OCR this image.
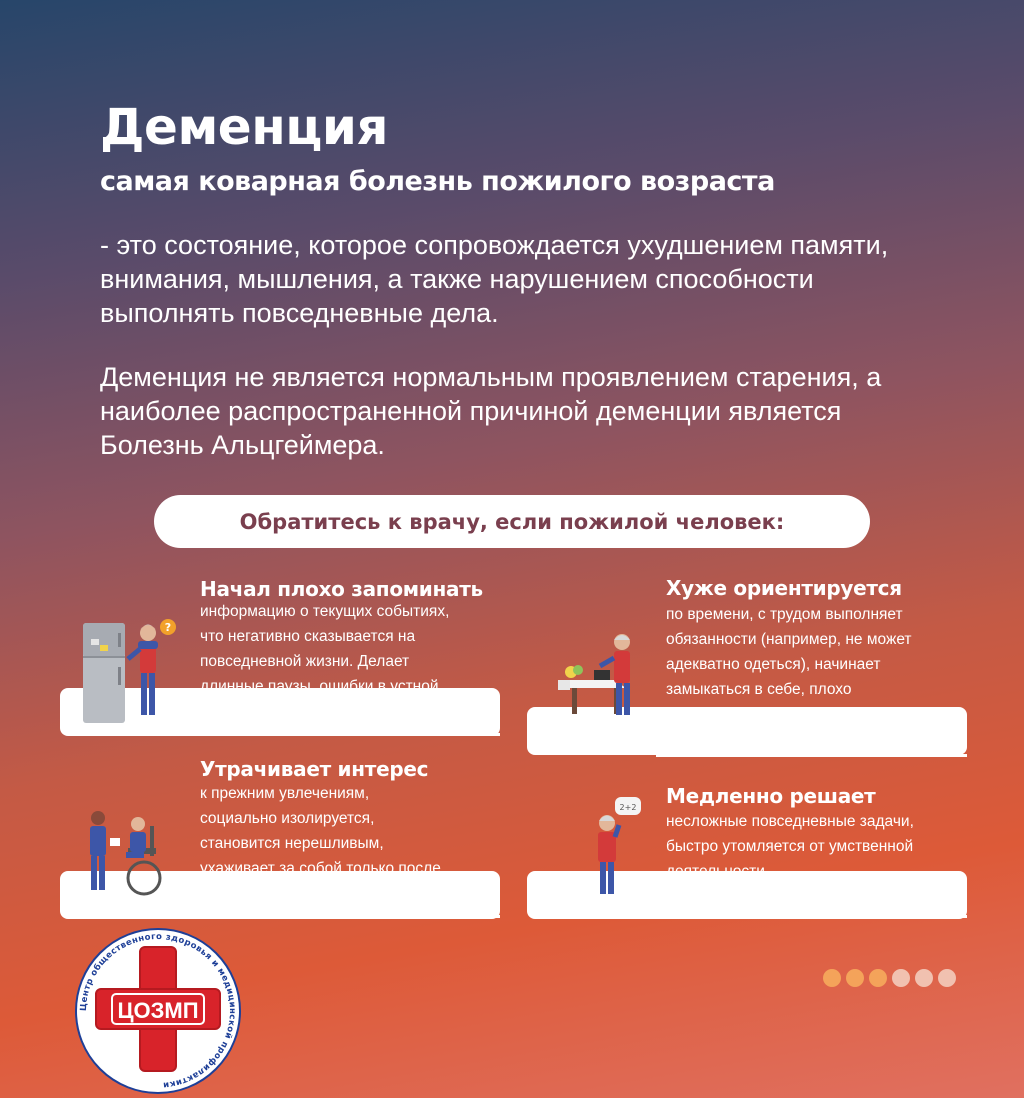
Деменция
самая коварная болезнь пожилого возраста

- это состояние, которое сопровождается ухудшением памяти, внимания, мышления, а также нарушением способности выполнять повседневные дела.

Деменция не является нормальным проявлением старения, а наиболее распространенной причиной деменции является Болезнь Альцгеймера.

Обратитесь к врачу, если пожилой человек:
?
Начал плохо запоминать

информацию о текущих событиях,
что негативно сказывается на
повседневной жизни. Делает
длинные паузы, ошибки в устной
или письменной речи.

Хуже ориентируется

по времени, с трудом выполняет
обязанности (например, не может
адекватно одеться), начинает
замыкаться в себе, плохо
распознает лица или знакомые
объекты

Утрачивает интерес

к прежним увлечениям,
социально изолируется,
становится нерешливым,
ухаживает за собой только после
напоминания.

2+2 Медленно решает

несложные повседневные задачи,
быстро утомляется от умственной
деятельности.

Центр общественного здоровья и медицинской профилактики
ЦОЗМП
